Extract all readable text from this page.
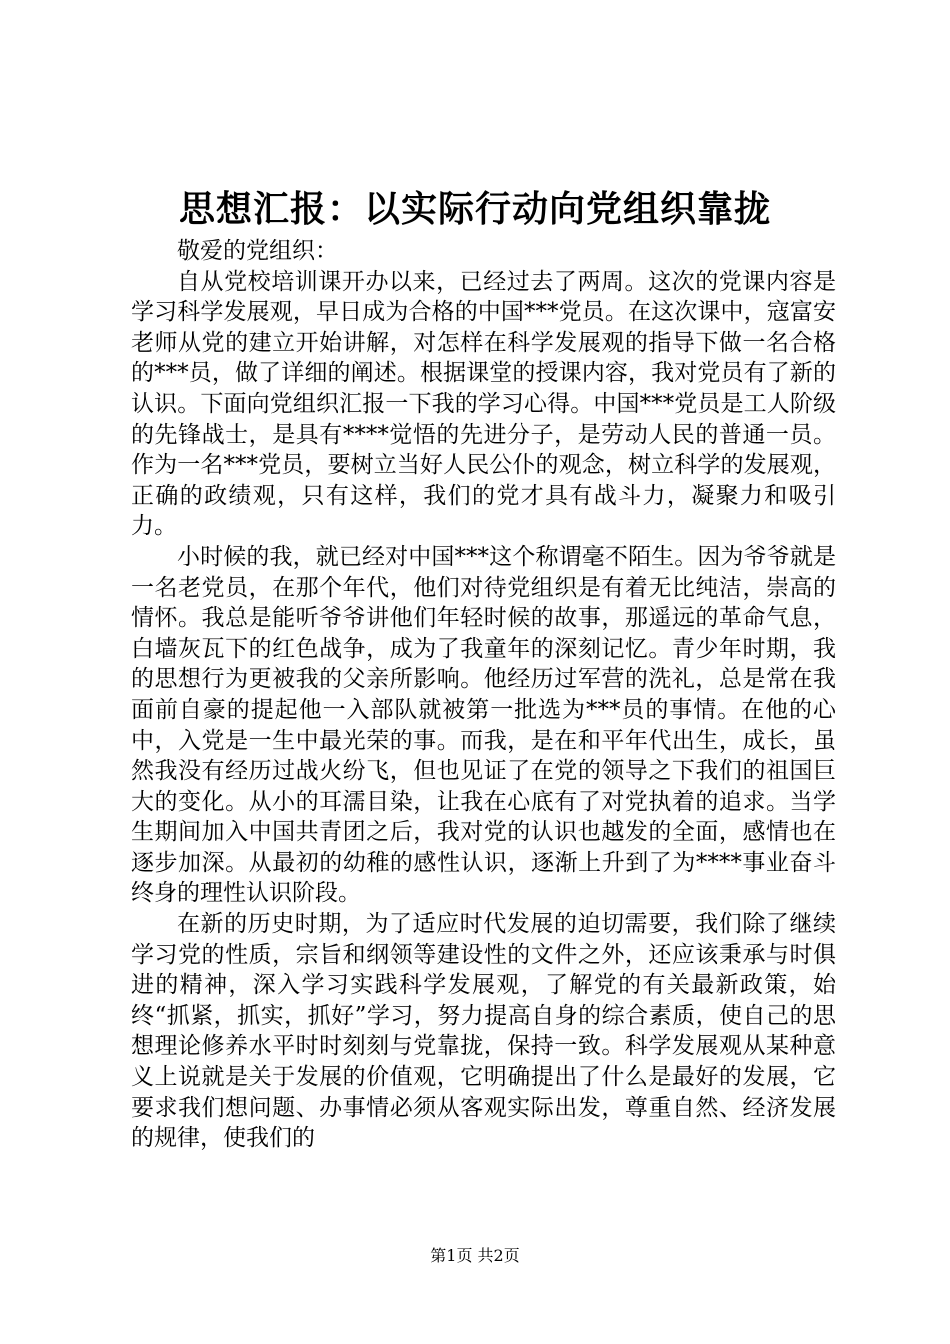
思想汇报：以实际行动向党组织靠拢

敬爱的党组织：

自从党校培训课开办以来，已经过去了两周。这次的党课内容是学习科学发展观，早日成为合格的中国***党员。在这次课中，寇富安老师从党的建立开始讲解，对怎样在科学发展观的指导下做一名合格的***员，做了详细的阐述。根据课堂的授课内容，我对党员有了新的认识。下面向党组织汇报一下我的学习心得。中国***党员是工人阶级的先锋战士，是具有****觉悟的先进分子，是劳动人民的普通一员。作为一名***党员，要树立当好人民公仆的观念，树立科学的发展观，正确的政绩观，只有这样，我们的党才具有战斗力，凝聚力和吸引力。

小时候的我，就已经对中国***这个称谓毫不陌生。因为爷爷就是一名老党员，在那个年代，他们对待党组织是有着无比纯洁，崇高的情怀。我总是能听爷爷讲他们年轻时候的故事，那遥远的革命气息，白墙灰瓦下的红色战争，成为了我童年的深刻记忆。青少年时期，我的思想行为更被我的父亲所影响。他经历过军营的洗礼，总是常在我面前自豪的提起他一入部队就被第一批选为***员的事情。在他的心中，入党是一生中最光荣的事。而我，是在和平年代出生，成长，虽然我没有经历过战火纷飞，但也见证了在党的领导之下我们的祖国巨大的变化。从小的耳濡目染，让我在心底有了对党执着的追求。当学生期间加入中国共青团之后，我对党的认识也越发的全面，感情也在逐步加深。从最初的幼稚的感性认识，逐渐上升到了为****事业奋斗终身的理性认识阶段。

在新的历史时期，为了适应时代发展的迫切需要，我们除了继续学习党的性质，宗旨和纲领等建设性的文件之外，还应该秉承与时俱进的精神，深入学习实践科学发展观，了解党的有关最新政策，始终“抓紧，抓实，抓好”学习，努力提高自身的综合素质，使自己的思想理论修养水平时时刻刻与党靠拢，保持一致。科学发展观从某种意义上说就是关于发展的价值观，它明确提出了什么是最好的发展，它要求我们想问题、办事情必须从客观实际出发，尊重自然、经济发展的规律，使我们的

第1页 共2页
